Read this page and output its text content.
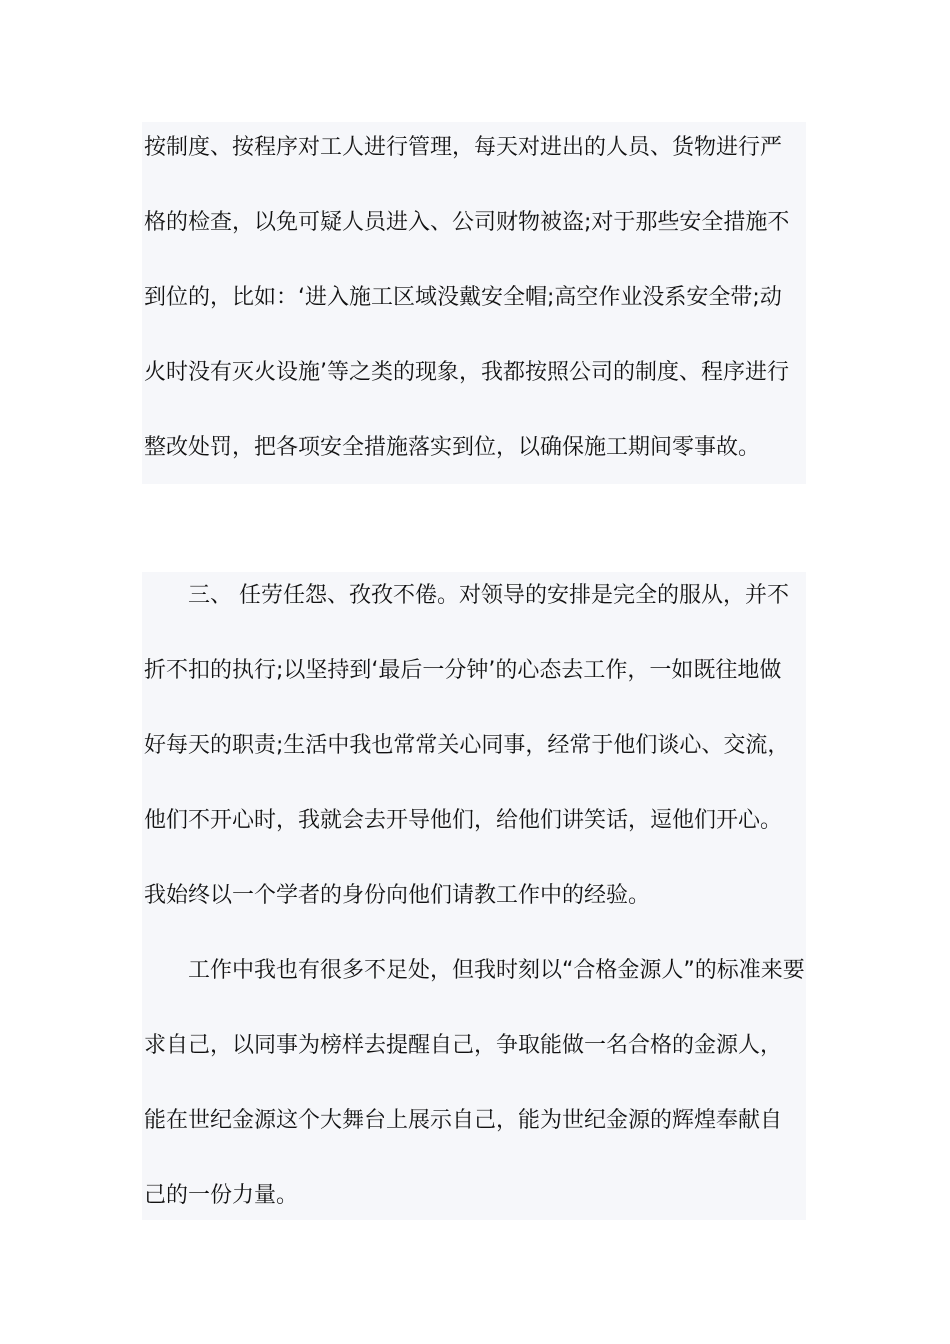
按制度、按程序对工人进行管理，每天对进出的人员、货物进行严
格的检查，以免可疑人员进入、公司财物被盗;对于那些安全措施不
到位的，比如：‘进入施工区域没戴安全帽;高空作业没系安全带;动
火时没有灭火设施’等之类的现象，我都按照公司的制度、程序进行
整改处罚，把各项安全措施落实到位，以确保施工期间零事故。
三、 任劳任怨、孜孜不倦。对领导的安排是完全的服从，并不
折不扣的执行;以坚持到‘最后一分钟’的心态去工作，一如既往地做
好每天的职责;生活中我也常常关心同事，经常于他们谈心、交流，
他们不开心时，我就会去开导他们，给他们讲笑话，逗他们开心。
我始终以一个学者的身份向他们请教工作中的经验。
工作中我也有很多不足处，但我时刻以“合格金源人”的标准来要
求自己，以同事为榜样去提醒自己，争取能做一名合格的金源人，
能在世纪金源这个大舞台上展示自己，能为世纪金源的辉煌奉献自
己的一份力量。
